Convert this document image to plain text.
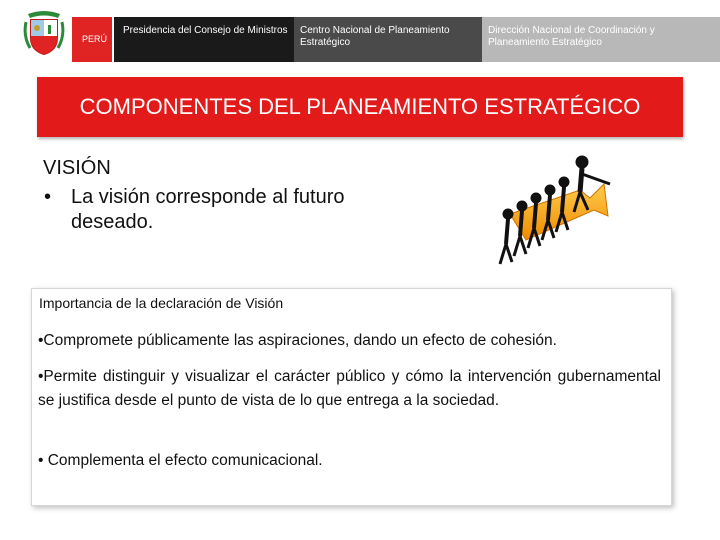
PERÚ
Presidencia del Consejo de Ministros	Centro Nacional de Planeamiento Estratégico
Dirección Nacional de Coordinación y Planeamiento Estratégico
COMPONENTES DEL PLANEAMIENTO ESTRATÉGICO
VISIÓN
• La visión corresponde al futuro deseado.
Importancia de la declaración de Visión
•Compromete públicamente las aspiraciones, dando un efecto de cohesión.
•Permite distinguir y visualizar el carácter público y cómo la intervención gubernamental se justifica desde el punto de vista de lo que entrega a la sociedad.
• Complementa el efecto comunicacional.
